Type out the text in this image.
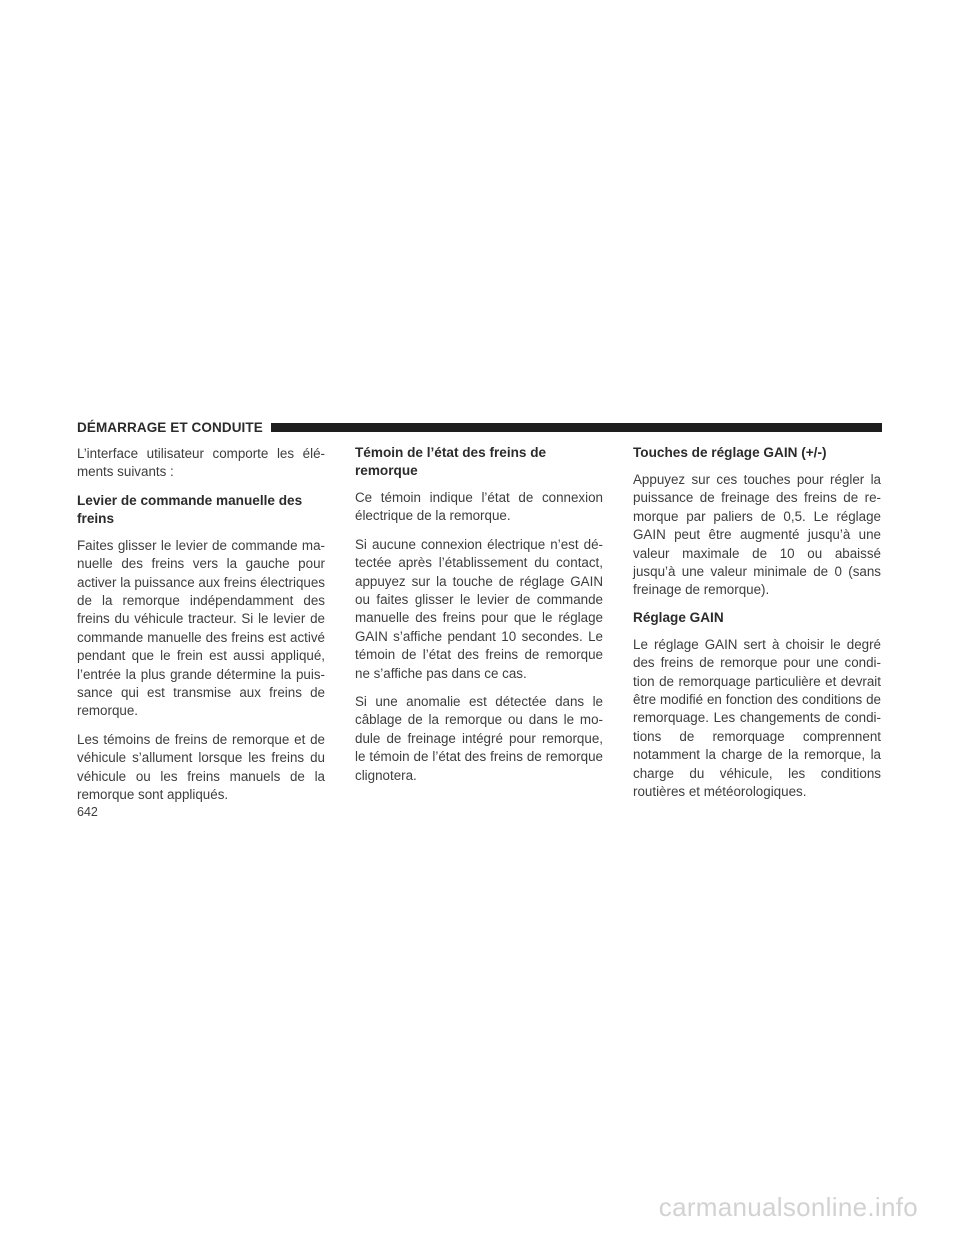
DÉMARRAGE ET CONDUITE

L’interface utilisateur comporte les éléments suivants :

Levier de commande manuelle des freins

Faites glisser le levier de commande manuelle des freins vers la gauche pour activer la puissance aux freins électriques de la remorque indépendamment des freins du véhicule tracteur. Si le levier de commande manuelle des freins est activé pendant que le frein est aussi appliqué, l’entrée la plus grande détermine la puissance qui est transmise aux freins de remorque.

Les témoins de freins de remorque et de véhicule s’allument lorsque les freins du véhicule ou les freins manuels de la remorque sont appliqués.

Témoin de l’état des freins de remorque

Ce témoin indique l’état de connexion électrique de la remorque.

Si aucune connexion électrique n’est détectée après l’établissement du contact, appuyez sur la touche de réglage GAIN ou faites glisser le levier de commande manuelle des freins pour que le réglage GAIN s’affiche pendant 10 secondes. Le témoin de l’état des freins de remorque ne s’affiche pas dans ce cas.

Si une anomalie est détectée dans le câblage de la remorque ou dans le module de freinage intégré pour remorque, le témoin de l’état des freins de remorque clignotera.

Touches de réglage GAIN (+/-)

Appuyez sur ces touches pour régler la puissance de freinage des freins de remorque par paliers de 0,5. Le réglage GAIN peut être augmenté jusqu’à une valeur maximale de 10 ou abaissé jusqu’à une valeur minimale de 0 (sans freinage de remorque).

Réglage GAIN

Le réglage GAIN sert à choisir le degré des freins de remorque pour une condition de remorquage particulière et devrait être modifié en fonction des conditions de remorquage. Les changements de conditions de remorquage comprennent notamment la charge de la remorque, la charge du véhicule, les conditions routières et météorologiques.

642
carmanualsonline.info
